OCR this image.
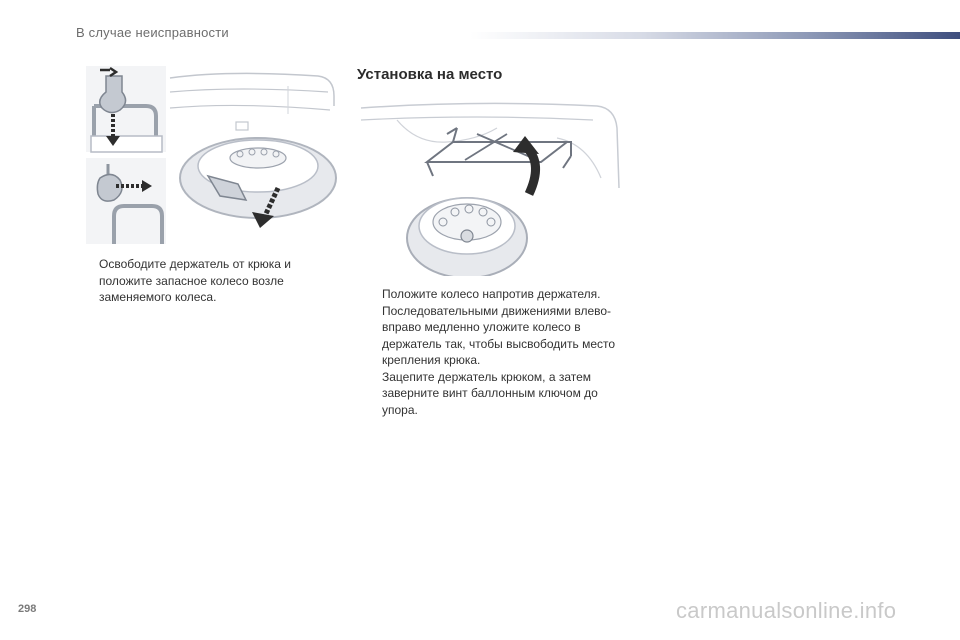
В случае неисправности
Освободите держатель от крюка и положите запасное колесо возле заменяемого колеса.
Установка на место
Положите колесо напротив держателя.
Последовательными движениями влево-вправо медленно уложите колесо в держатель так, чтобы высвободить место крепления крюка.
Зацепите держатель крюком, а затем заверните винт баллонным ключом до упора.
298	carmanualsonline.info
